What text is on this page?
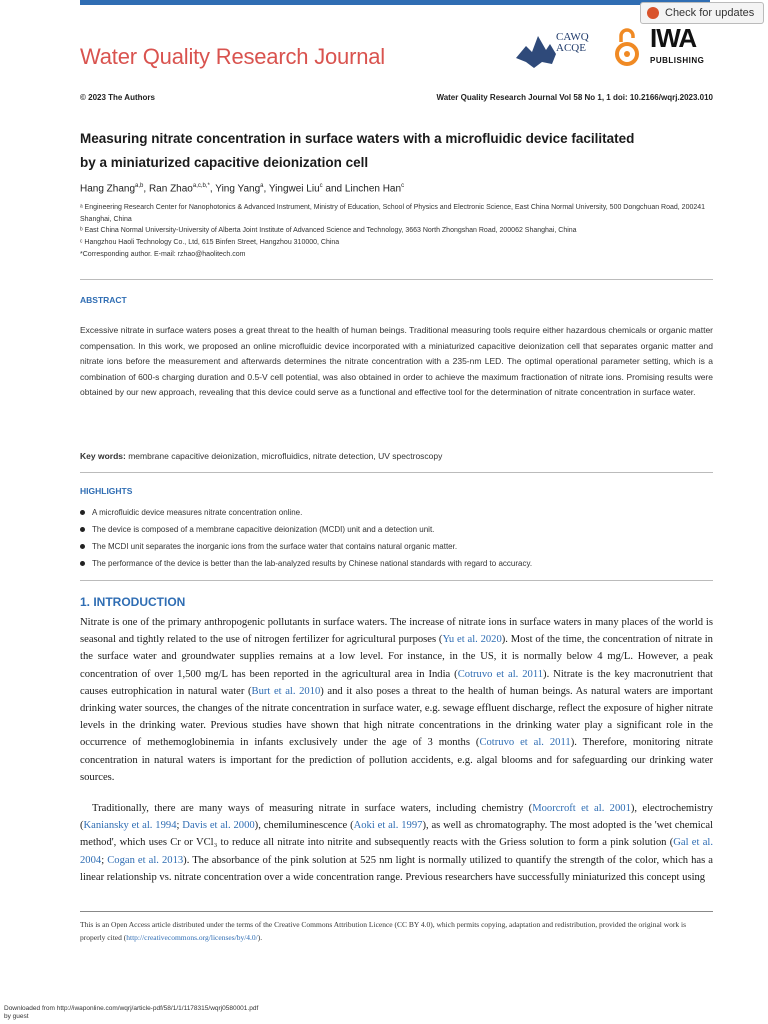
Check for updates
Water Quality Research Journal
CAWQ
ACQE IWA
PUBLISHING
© 2023 The Authors	Water Quality Research Journal Vol 58 No 1, 1 doi: 10.2166/wqrj.2023.010
Measuring nitrate concentration in surface waters with a microfluidic device facilitated
by a miniaturized capacitive deionization cell
Hang Zhang$^{a,b}$, Ran Zhao$^{a,c,b,*}$, Ying Yang$^a$, Yingwei Liu$^c$ and Linchen Han$^c$
ᵃ Engineering Research Center for Nanophotonics & Advanced Instrument, Ministry of Education, School of Physics and Electronic Science, East China Normal University, 500 Dongchuan Road, 200241 Shanghai, China
ᵇ East China Normal University-University of Alberta Joint Institute of Advanced Science and Technology, 3663 North Zhongshan Road, 200062 Shanghai, China
ᶜ Hangzhou Haoli Technology Co., Ltd, 615 Binfen Street, Hangzhou 310000, China
*Corresponding author. E-mail: rzhao@haolitech.com
ABSTRACT
Excessive nitrate in surface waters poses a great threat to the health of human beings. Traditional measuring tools require either hazardous chemicals or organic matter compensation. In this work, we proposed an online microfluidic device incorporated with a miniaturized capacitive deionization cell that separates organic matter and nitrate ions before the measurement and afterwards determines the nitrate concentration with a 235-nm LED. The optimal operational parameter setting, which is a combination of 600-s charging duration and 0.5-V cell potential, was also obtained in order to achieve the maximum fractionation of nitrate ions. Promising results were obtained by our new approach, revealing that this device could serve as a functional and effective tool for the determination of nitrate concentration in surface water.
Key words: membrane capacitive deionization, microfluidics, nitrate detection, UV spectroscopy
HIGHLIGHTS
A microfluidic device measures nitrate concentration online.
The device is composed of a membrane capacitive deionization (MCDI) unit and a detection unit.
The MCDI unit separates the inorganic ions from the surface water that contains natural organic matter.
The performance of the device is better than the lab-analyzed results by Chinese national standards with regard to accuracy.
1. INTRODUCTION
Nitrate is one of the primary anthropogenic pollutants in surface waters. The increase of nitrate ions in surface waters in many places of the world is seasonal and tightly related to the use of nitrogen fertilizer for agricultural purposes (Yu et al. 2020). Most of the time, the concentration of nitrate in the surface water and groundwater supplies remains at a low level. For instance, in the US, it is normally below 4 mg/L. However, a peak concentration of over 1,500 mg/L has been reported in the agricultural area in India (Cotruvo et al. 2011). Nitrate is the key macronutrient that causes eutrophication in natural water (Burt et al. 2010) and it also poses a threat to the health of human beings. As natural waters are important drinking water sources, the changes of the nitrate concentration in surface water, e.g. sewage effluent discharge, reflect the exposure of higher nitrate levels in the drinking water. Previous studies have shown that high nitrate concentrations in the drinking water play a significant role in the occurrence of methemoglobinemia in infants exclusively under the age of 3 months (Cotruvo et al. 2011). Therefore, monitoring nitrate concentration in natural waters is important for the prediction of pollution accidents, e.g. algal blooms and for safeguarding our drinking water sources.
Traditionally, there are many ways of measuring nitrate in surface waters, including chemistry (Moorcroft et al. 2001), electrochemistry (Kaniansky et al. 1994; Davis et al. 2000), chemiluminescence (Aoki et al. 1997), as well as chromatography. The most adopted is the 'wet chemical method', which uses Cr or VCl₃ to reduce all nitrate into nitrite and subsequently reacts with the Griess solution to form a pink solution (Gal et al. 2004; Cogan et al. 2013). The absorbance of the pink solution at 525 nm light is normally utilized to quantify the strength of the color, which has a linear relationship vs. nitrate concentration over a wide concentration range. Previous researchers have successfully miniaturized this concept using
This is an Open Access article distributed under the terms of the Creative Commons Attribution Licence (CC BY 4.0), which permits copying, adaptation and redistribution, provided the original work is properly cited (http://creativecommons.org/licenses/by/4.0/).
Downloaded from http://iwaponline.com/wqrj/article-pdf/58/1/1/1178315/wqrj0580001.pdf
by guest
